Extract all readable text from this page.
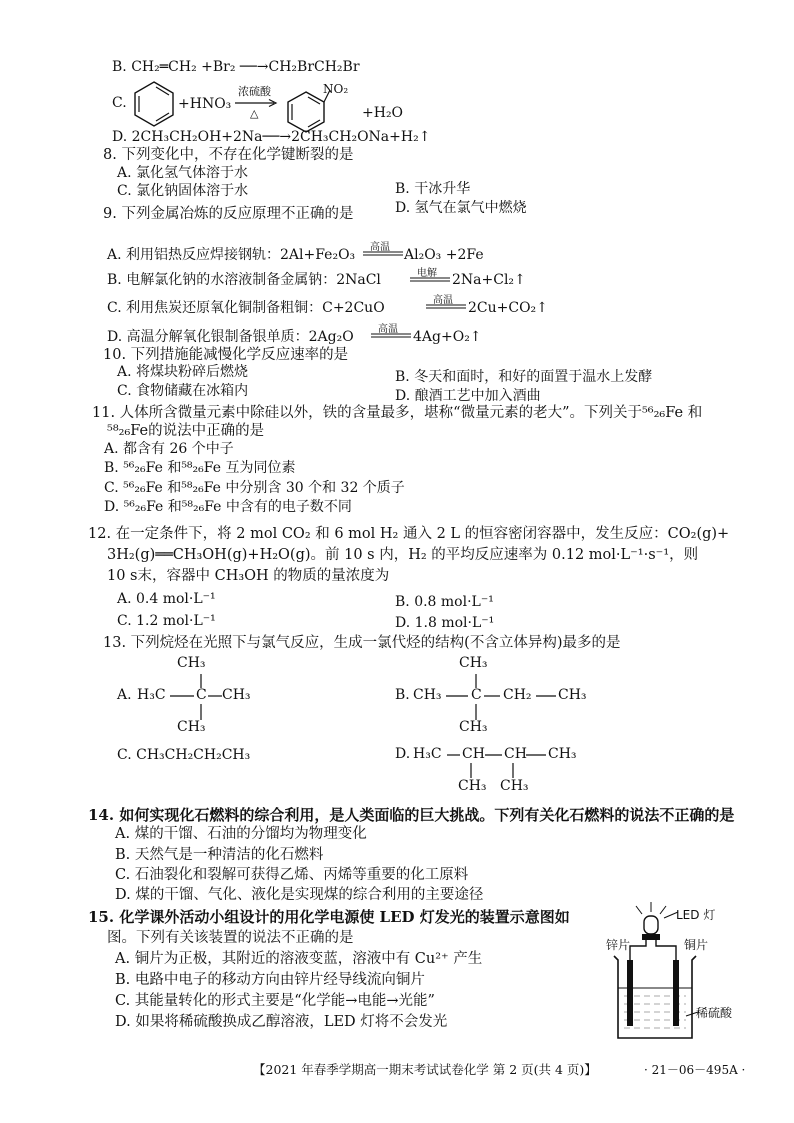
B. CH₂═CH₂ +Br₂ ──→CH₂BrCH₂Br
C.	+HNO₃
浓硫酸
△
NO₂
+H₂O
D. 2CH₃CH₂OH+2Na──→2CH₃CH₂ONa+H₂↑
8. 下列变化中，不存在化学键断裂的是
A. 氯化氢气体溶于水
B. 干冰升华
C. 氯化钠固体溶于水
D. 氢气在氯气中燃烧
9. 下列金属冶炼的反应原理不正确的是
A. 利用铝热反应焊接钢轨：2Al+Fe₂O₃ 高温 Al₂O₃ +2Fe
B. 电解氯化钠的水溶液制备金属钠：2NaCl	电解 2Na+Cl₂↑
C. 利用焦炭还原氧化铜制备粗铜：C+2CuO	高温 2Cu+CO₂↑
D. 高温分解氧化银制备银单质：2Ag₂O 高温 4Ag+O₂↑
10. 下列措施能减慢化学反应速率的是
A. 将煤块粉碎后燃烧	B. 冬天和面时，和好的面置于温水上发酵
C. 食物储藏在冰箱内	D. 酿酒工艺中加入酒曲
11. 人体所含微量元素中除硅以外，铁的含量最多，堪称“微量元素的老大”。下列关于⁵⁶₂₆Fe 和
⁵⁸₂₆Fe的说法中正确的是
A. 都含有 26 个中子
B. ⁵⁶₂₆Fe 和⁵⁸₂₆Fe 互为同位素
C. ⁵⁶₂₆Fe 和⁵⁸₂₆Fe 中分别含 30 个和 32 个质子
D. ⁵⁶₂₆Fe 和⁵⁸₂₆Fe 中含有的电子数不同
12. 在一定条件下，将 2 mol CO₂ 和 6 mol H₂ 通入 2 L 的恒容密闭容器中，发生反应：CO₂(g)+
3H₂(g)══CH₃OH(g)+H₂O(g)。前 10 s 内，H₂ 的平均反应速率为 0.12 mol·L⁻¹·s⁻¹，则
10 s末，容器中 CH₃OH 的物质的量浓度为
A. 0.4 mol·L⁻¹	B. 0.8 mol·L⁻¹
C. 1.2 mol·L⁻¹	D. 1.8 mol·L⁻¹
13. 下列烷烃在光照下与氯气反应，生成一氯代烃的结构(不含立体异构)最多的是
A. H₃C C CH₃
CH₃
CH₃
B. CH₃ C CH₂ CH₃
CH₃
CH₃
C. CH₃CH₂CH₂CH₃	D. H₃C CH CH CH₃
CH₃ CH₃
14. 如何实现化石燃料的综合利用，是人类面临的巨大挑战。下列有关化石燃料的说法不正确的是
A. 煤的干馏、石油的分馏均为物理变化
B. 天然气是一种清洁的化石燃料
C. 石油裂化和裂解可获得乙烯、丙烯等重要的化工原料
D. 煤的干馏、气化、液化是实现煤的综合利用的主要途径
15. 化学课外活动小组设计的用化学电源使 LED 灯发光的装置示意图如
图。下列有关该装置的说法不正确的是
A. 铜片为正极，其附近的溶液变蓝，溶液中有 Cu²⁺ 产生
B. 电路中电子的移动方向由锌片经导线流向铜片
C. 其能量转化的形式主要是“化学能→电能→光能”
D. 如果将稀硫酸换成乙醇溶液，LED 灯将不会发光
LED 灯
锌片	铜片
稀硫酸
【2021 年春季学期高一期末考试试卷化学 第 2 页(共 4 页)】	· 21－06－495A ·
